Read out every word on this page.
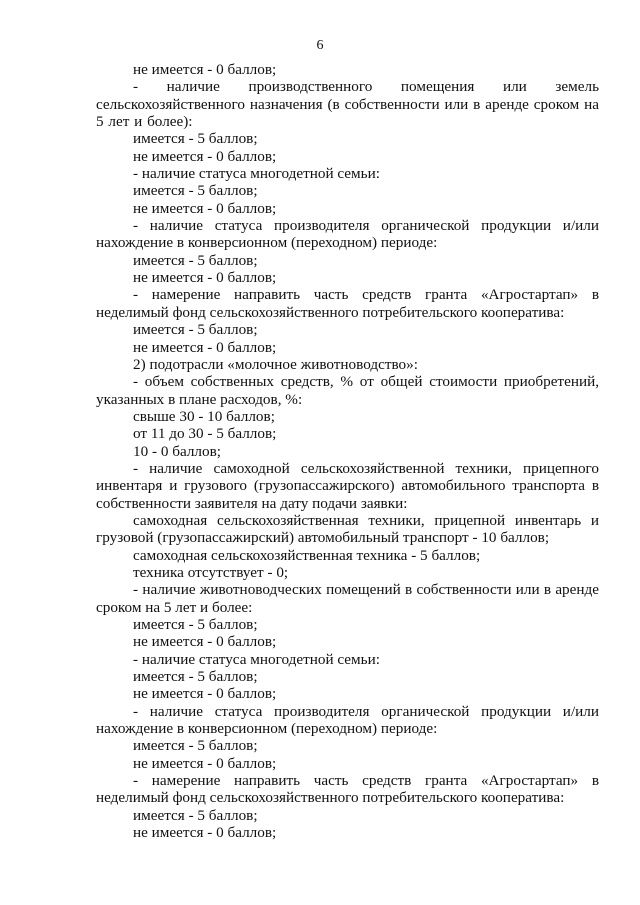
6

не имеется - 0 баллов;

- наличие производственного помещения или земель сельскохозяйственного назначения (в собственности или в аренде сроком на 5 лет и более):

имеется - 5 баллов;

не имеется - 0 баллов;

- наличие статуса многодетной семьи:

имеется - 5 баллов;

не имеется - 0 баллов;

- наличие статуса производителя органической продукции и/или нахождение в конверсионном (переходном) периоде:

имеется - 5 баллов;

не имеется - 0 баллов;

- намерение направить часть средств гранта «Агростартап» в неделимый фонд сельскохозяйственного потребительского кооператива:

имеется - 5 баллов;

не имеется - 0 баллов;

2) подотрасли «молочное животноводство»:

- объем собственных средств, % от общей стоимости приобретений, указанных в плане расходов, %:

свыше 30 - 10 баллов;

от 11 до 30 - 5 баллов;

10 - 0 баллов;

- наличие самоходной сельскохозяйственной техники, прицепного инвентаря и грузового (грузопассажирского) автомобильного транспорта в собственности заявителя на дату подачи заявки:

самоходная сельскохозяйственная техники, прицепной инвентарь и грузовой (грузопассажирский) автомобильный транспорт - 10 баллов;

самоходная сельскохозяйственная техника - 5 баллов;

техника отсутствует - 0;

- наличие животноводческих помещений в собственности или в аренде сроком на 5 лет и более:

имеется - 5 баллов;

не имеется - 0 баллов;

- наличие статуса многодетной семьи:

имеется - 5 баллов;

не имеется - 0 баллов;

- наличие статуса производителя органической продукции и/или нахождение в конверсионном (переходном) периоде:

имеется - 5 баллов;

не имеется - 0 баллов;

- намерение направить часть средств гранта «Агростартап» в неделимый фонд сельскохозяйственного потребительского кооператива:

имеется - 5 баллов;

не имеется - 0 баллов;
